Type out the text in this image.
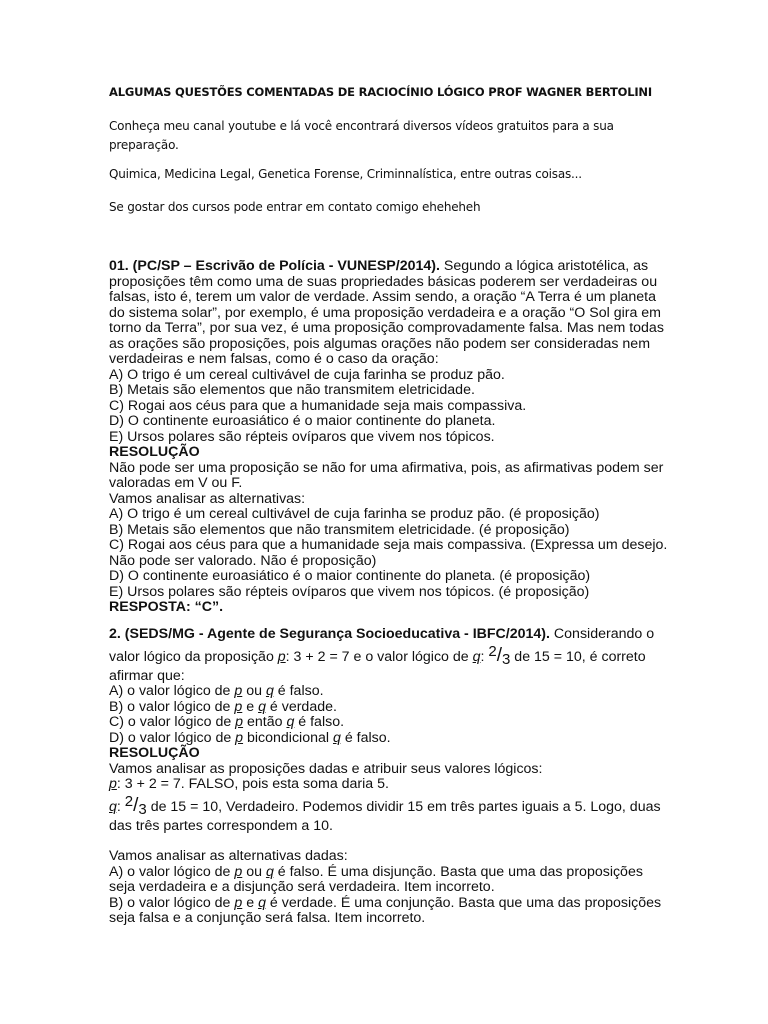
ALGUMAS QUESTÕES COMENTADAS DE RACIOCÍNIO LÓGICO PROF WAGNER BERTOLINI
Conheça meu canal youtube e lá você encontrará diversos vídeos gratuitos para a sua
preparação.
Quimica, Medicina Legal, Genetica Forense, Criminnalística, entre outras coisas...
Se gostar dos cursos pode entrar em contato comigo eheheheh

01. (PC/SP – Escrivão de Polícia - VUNESP/2014). Segundo a lógica aristotélica, as

proposições têm como uma de suas propriedades básicas poderem ser verdadeiras ou

falsas, isto é, terem um valor de verdade. Assim sendo, a oração “A Terra é um planeta

do sistema solar”, por exemplo, é uma proposição verdadeira e a oração “O Sol gira em

torno da Terra”, por sua vez, é uma proposição comprovadamente falsa. Mas nem todas

as orações são proposições, pois algumas orações não podem ser consideradas nem

verdadeiras e nem falsas, como é o caso da oração:

A) O trigo é um cereal cultivável de cuja farinha se produz pão.

B) Metais são elementos que não transmitem eletricidade.

C) Rogai aos céus para que a humanidade seja mais compassiva.

D) O continente euroasiático é o maior continente do planeta.

E) Ursos polares são répteis ovíparos que vivem nos tópicos.

RESOLUÇÃO

Não pode ser uma proposição se não for uma afirmativa, pois, as afirmativas podem ser

valoradas em V ou F.

Vamos analisar as alternativas:

A) O trigo é um cereal cultivável de cuja farinha se produz pão. (é proposição)

B) Metais são elementos que não transmitem eletricidade. (é proposição)

C) Rogai aos céus para que a humanidade seja mais compassiva. (Expressa um desejo.

Não pode ser valorado. Não é proposição)

D) O continente euroasiático é o maior continente do planeta. (é proposição)

E) Ursos polares são répteis ovíparos que vivem nos tópicos. (é proposição)

RESPOSTA: “C”.

2. (SEDS/MG - Agente de Segurança Socioeducativa - IBFC/2014). Considerando o

valor lógico da proposição p: 3 + 2 = 7 e o valor lógico de q: $^2/_3$ de 15 = 10, é correto

afirmar que:

A) o valor lógico de p ou q é falso.

B) o valor lógico de p e q é verdade.

C) o valor lógico de p então q é falso.

D) o valor lógico de p bicondicional q é falso.

RESOLUÇÃO

Vamos analisar as proposições dadas e atribuir seus valores lógicos:

p: 3 + 2 = 7. FALSO, pois esta soma daria 5.

q: $^2/_3$ de 15 = 10, Verdadeiro. Podemos dividir 15 em três partes iguais a 5. Logo, duas

das três partes correspondem a 10.

Vamos analisar as alternativas dadas:

A) o valor lógico de p ou q é falso. É uma disjunção. Basta que uma das proposições

seja verdadeira e a disjunção será verdadeira. Item incorreto.

B) o valor lógico de p e q é verdade. É uma conjunção. Basta que uma das proposições

seja falsa e a conjunção será falsa. Item incorreto.
